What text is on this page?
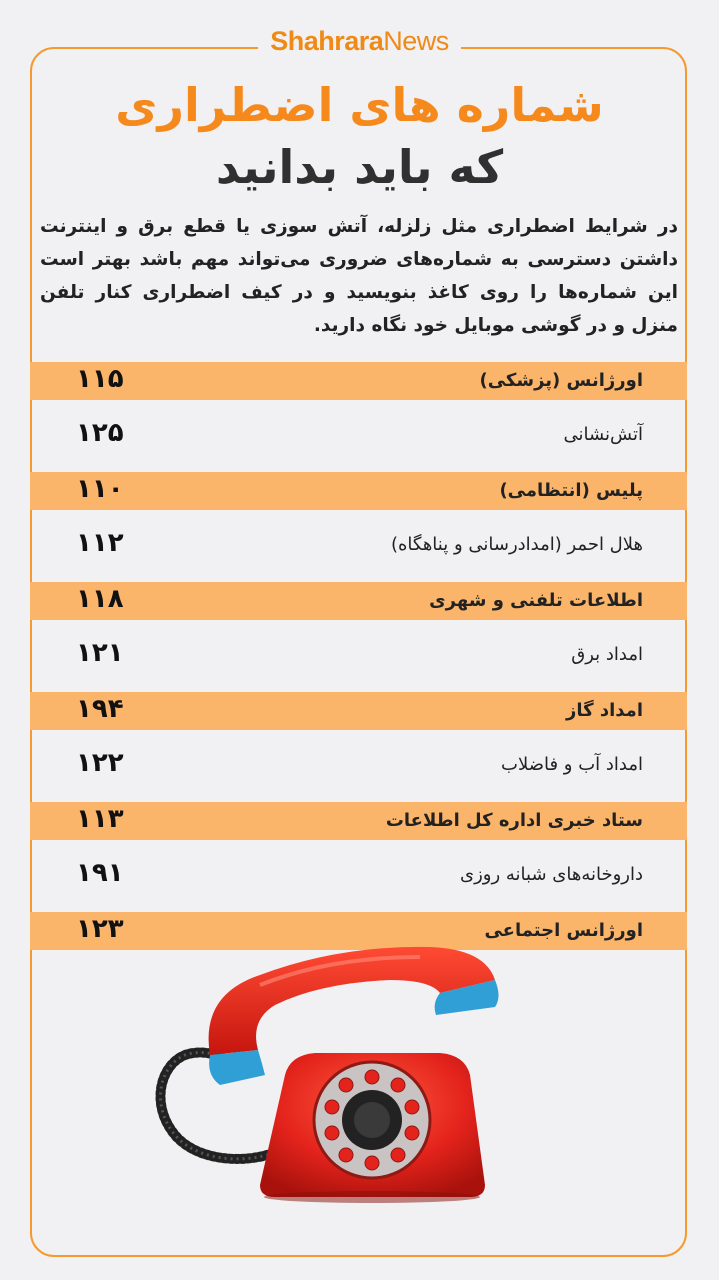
ShahraraNews
شماره های اضطراری
که باید بدانید
در شرایط اضطراری مثل زلزله، آتش سوزی یا قطع برق و اینترنت داشتن دسترسی به شماره‌های ضروری می‌تواند مهم باشد بهتر است این شماره‌ها را روی کاغذ بنویسید و در کیف اضطراری کنار تلفن منزل و در گوشی موبایل خود نگاه دارید.
اورژانس (پزشکی)
۱۱۵
آتش‌نشانی
۱۲۵
پلیس (انتظامی)
۱۱۰
هلال احمر (امدادرسانی و پناهگاه)
۱۱۲
اطلاعات تلفنی و شهری
۱۱۸
امداد برق
۱۲۱
امداد گاز
۱۹۴
امداد آب و فاضلاب
۱۲۲
ستاد خبری اداره کل اطلاعات
۱۱۳
داروخانه‌های شبانه روزی
۱۹۱
اورژانس اجتماعی
۱۲۳
